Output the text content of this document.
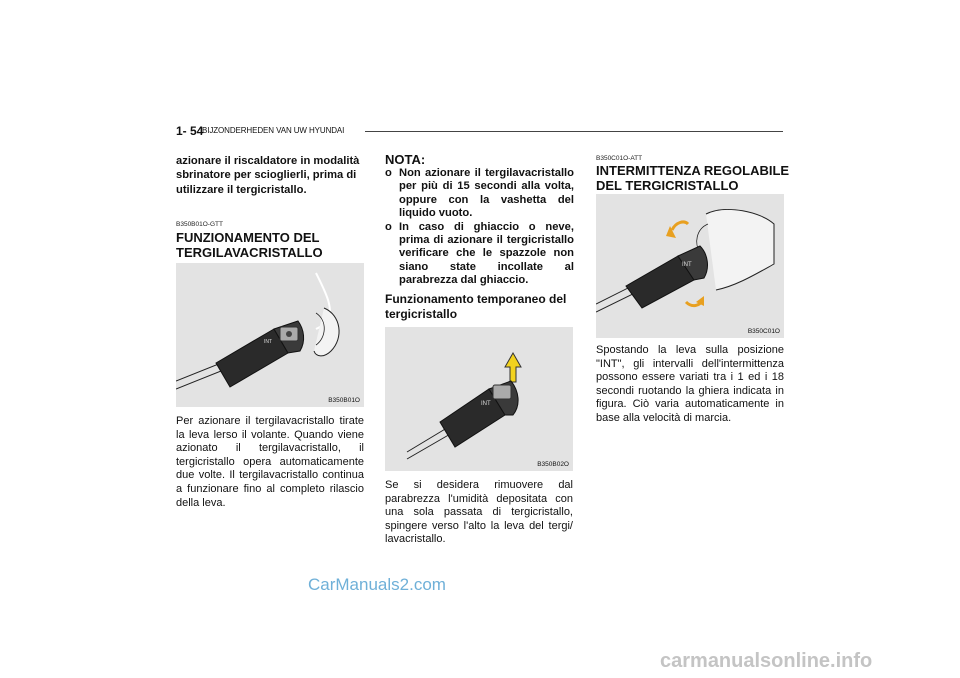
1- 54
BIJZONDERHEDEN VAN UW HYUNDAI
azionare il riscaldatore in modalità sbrinatore per scioglierli, prima di utilizzare il tergicristallo.
B350B01O-GTT
FUNZIONAMENTO DEL
TERGILAVACRISTALLO
INT
B350B01O
Per azionare il tergilavacristallo tirate la leva lerso il volante. Quando viene azionato il tergilavacristallo, il tergicristallo opera automaticamente due volte. Il tergilavacristallo continua a funzionare fino al completo rilascio della leva.
NOTA:
o Non azionare il tergilavacristallo per più di 15 secondi alla volta, oppure con la vashetta del liquido vuoto.
o In caso di ghiaccio o neve, prima di azionare il tergicristallo verificare che le spazzole non siano state incollate al parabrezza dal ghiaccio.
Funzionamento temporaneo del tergicristallo
INT
B350B02O
Se si desidera rimuovere dal parabrezza l'umidità depositata con una sola passata di tergicristallo, spingere verso l'alto la leva del tergi/ lavacristallo.
B350C01O-ATT
INTERMITTENZA REGOLABILE
DEL TERGICRISTALLO
INT
B350C01O
Spostando la leva sulla posizione "INT", gli intervalli dell'intermittenza possono essere variati tra i 1 ed i 18 secondi ruotando la ghiera indicata in figura. Ciò varia automaticamente in base alla velocità di marcia.
CarManuals2.com
carmanualsonline.info
